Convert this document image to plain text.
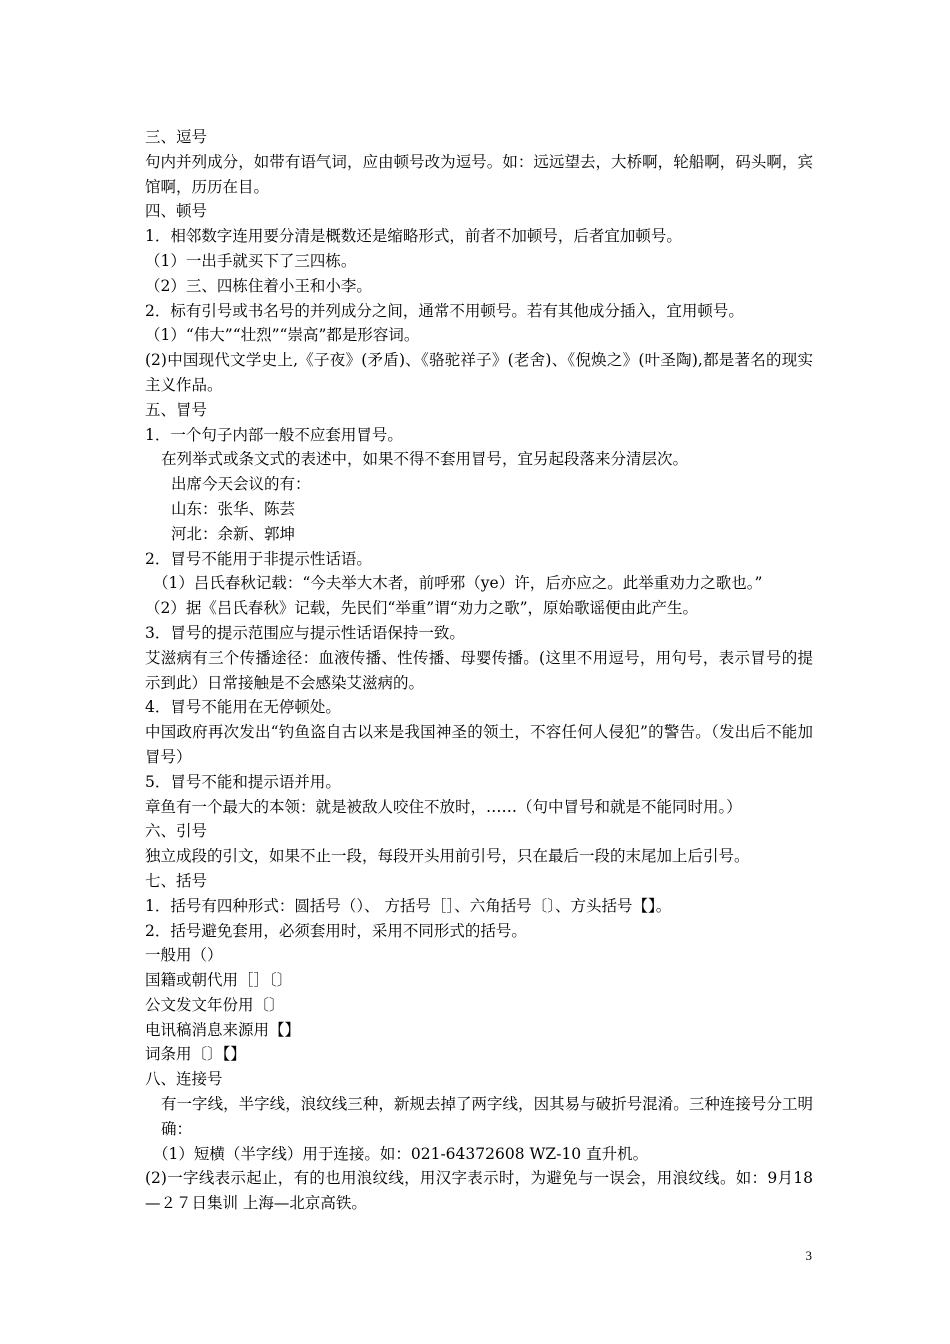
三、逗号

句内并列成分，如带有语气词，应由顿号改为逗号。如：远远望去，大桥啊，轮船啊，码头啊，宾馆啊，历历在目。

四、顿号

1．相邻数字连用要分清是概数还是缩略形式，前者不加顿号，后者宜加顿号。

（1）一出手就买下了三四栋。

（2）三、四栋住着小王和小李。

2．标有引号或书名号的并列成分之间，通常不用顿号。若有其他成分插入，宜用顿号。

（1）“伟大”“壮烈”“崇高”都是形容词。

(2)中国现代文学史上,《子夜》(矛盾)、《骆驼祥子》(老舍)、《倪焕之》(叶圣陶),都是著名的现实主义作品。

五、冒号

1．一个句子内部一般不应套用冒号。

在列举式或条文式的表述中，如果不得不套用冒号，宜另起段落来分清层次。

出席今天会议的有：

山东：张华、陈芸

河北：余新、郭坤

2．冒号不能用于非提示性话语。

（1）吕氏春秋记载：“今夫举大木者，前呼邪（ye）许，后亦应之。此举重劝力之歌也。”

（2）据《吕氏春秋》记载，先民们“举重”谓“劝力之歌”，原始歌谣便由此产生。

3．冒号的提示范围应与提示性话语保持一致。

艾滋病有三个传播途径：血液传播、性传播、母婴传播。(这里不用逗号，用句号，表示冒号的提示到此）日常接触是不会感染艾滋病的。

4．冒号不能用在无停顿处。

中国政府再次发出“钓鱼盗自古以来是我国神圣的领土，不容任何人侵犯”的警告。（发出后不能加冒号）

5．冒号不能和提示语并用。

章鱼有一个最大的本领：就是被敌人咬住不放时，……（句中冒号和就是不能同时用。）

六、引号

独立成段的引文，如果不止一段，每段开头用前引号，只在最后一段的末尾加上后引号。

七、括号

1．括号有四种形式：圆括号（）、 方括号［］、六角括号〔〕、方头括号【】。

2．括号避免套用，必须套用时，采用不同形式的括号。

一般用（）

国籍或朝代用［］〔〕

公文发文年份用〔〕

电讯稿消息来源用【】

词条用〔〕【】

八、连接号

有一字线，半字线，浪纹线三种，新规去掉了两字线，因其易与破折号混淆。三种连接号分工明确：

（1）短横（半字线）用于连接。如：021-64372608 WZ-10 直升机。

(2)一字线表示起止，有的也用浪纹线，用汉字表示时，为避免与一误会，用浪纹线。如：9月18—２７日集训 上海—北京高铁。

3
